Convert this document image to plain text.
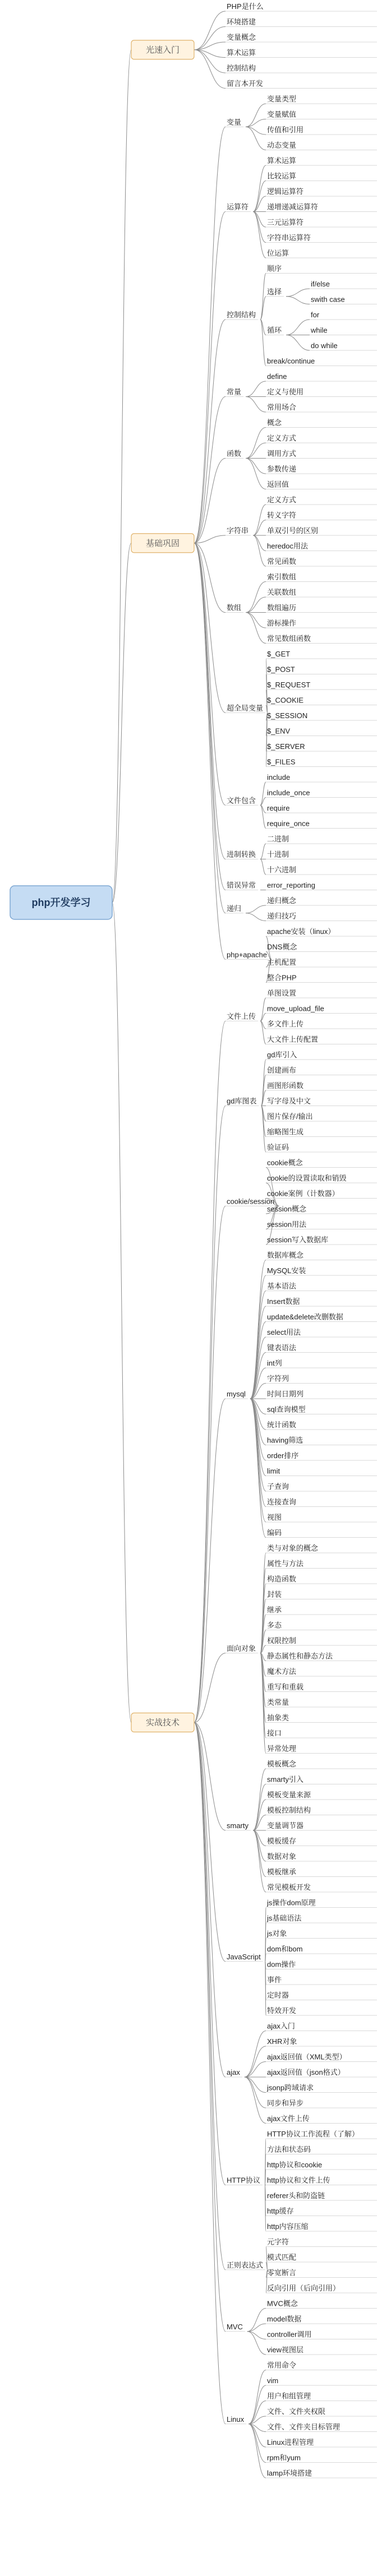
php开发学习
光速入门
PHP是什么
环境搭建
变量概念
算术运算
控制结构
留言本开发
基础巩固
变量
变量类型
变量赋值
传值和引用
动态变量
运算符
算术运算
比较运算
逻辑运算符
递增递减运算符
三元运算符
字符串运算符
位运算
控制结构
顺序
选择
if/else
swith case
循环
for
while
do while
break/continue
常量
define
定义与使用
常用场合
函数
概念
定义方式
调用方式
参数传递
返回值
字符串
定义方式
转义字符
单双引号的区别
heredoc用法
常见函数
数组
索引数组
关联数组
数组遍历
游标操作
常见数组函数
超全局变量
$_GET
$_POST
$_REQUEST
$_COOKIE
$_SESSION
$_ENV
$_SERVER
$_FILES
文件包含
include
include_once
require
require_once
进制转换
二进制
十进制
十六进制
错误异常 error_reporting
递归
递归概念
递归技巧
php+apache
apache安装（linux）
DNS概念
主机配置
整合PHP
实战技术
文件上传
单图设置
move_upload_file
多文件上传
大文件上传配置
gd库图表
gd库引入
创建画布
画图形函数
写字母及中文
图片保存/输出
缩略图生成
验证码
cookie/session
cookie概念
cookie的设置读取和销毁
cookie案例（计数器）
session概念
session用法
session写入数据库
mysql
数据库概念
MySQL安装
基本语法
Insert数据
update&delete改删数据
select用法
键表语法
int列
字符列
时间日期列
sql查询模型
统计函数
having筛选
order排序
limit
子查询
连接查询
视图
编码
面向对象
类与对象的概念
属性与方法
构造函数
封装
继承
多态
权限控制
静态属性和静态方法
魔术方法
重写和重载
类常量
抽象类
接口
异常处理
smarty
模板概念
smarty引入
模板变量来源
模板控制结构
变量调节器
模板缓存
数据对象
模板继承
常见模板开发
JavaScript
js操作dom原理
js基础语法
js对象
dom和bom
dom操作
事件
定时器
特效开发
ajax
ajax入门
XHR对象
ajax返回值（XML类型）
ajax返回值（json格式）
jsonp跨域请求
同步和异步
ajax文件上传
HTTP协议
HTTP协议工作流程（了解）
方法和状态码
http协议和cookie
http协议和文件上传
referer头和防盗链
http缓存
http内容压缩
正则表达式
元字符
模式匹配
零宽断言
反向引用（后向引用）
MVC
MVC概念
model数据
controller调用
view视图层
Linux
常用命令
vim
用户和组管理
文件、文件夹权限
文件、文件夹目标管理
Linux进程管理
rpm和yum
lamp环境搭建
